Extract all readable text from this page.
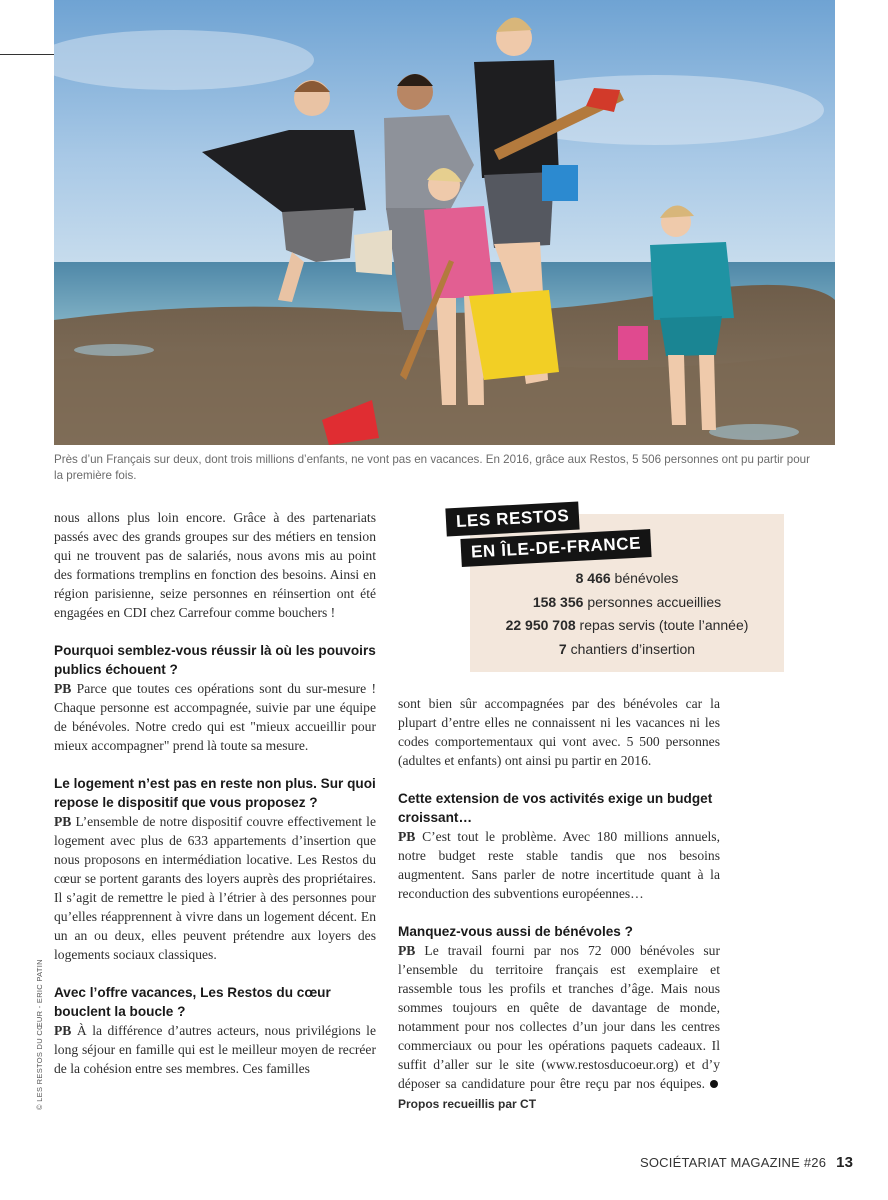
Près d’un Français sur deux, dont trois millions d’enfants, ne vont pas en vacances. En 2016, grâce aux Restos, 5 506 personnes ont pu partir pour la première fois.
© LES RESTOS DU CŒUR - ERIC PATIN

nous allons plus loin encore. Grâce à des partenariats passés avec des grands groupes sur des métiers en tension qui ne trouvent pas de salariés, nous avons mis au point des formations tremplins en fonction des besoins. Ainsi en région parisienne, seize personnes en réinsertion ont été engagées en CDI chez Carrefour comme bouchers !

Pourquoi semblez-vous réussir là où les pouvoirs publics échouent ?

PB Parce que toutes ces opérations sont du sur-mesure ! Chaque personne est accompagnée, suivie par une équipe de bénévoles. Notre credo qui est "mieux accueillir pour mieux accompagner" prend là toute sa mesure.

Le logement n’est pas en reste non plus. Sur quoi repose le dispositif que vous proposez ?

PB L’ensemble de notre dispositif couvre effectivement le logement avec plus de 633 appartements d’insertion que nous proposons en intermédiation locative. Les Restos du cœur se portent garants des loyers auprès des propriétaires. Il s’agit de remettre le pied à l’étrier à des personnes pour qu’elles réapprennent à vivre dans un logement décent. En un an ou deux, elles peuvent prétendre aux loyers des logements sociaux classiques.

Avec l’offre vacances, Les Restos du cœur bouclent la boucle ?

PB À la différence d’autres acteurs, nous privilégions le long séjour en famille qui est le meilleur moyen de recréer de la cohésion entre ses membres. Ces familles

LES RESTOS
EN ÎLE-DE-FRANCE
8 466 bénévoles
158 356 personnes accueillies
22 950 708 repas servis (toute l’année)
7 chantiers d’insertion

sont bien sûr accompagnées par des bénévoles car la plupart d’entre elles ne connaissent ni les vacances ni les codes comportementaux qui vont avec. 5 500 personnes (adultes et enfants) ont ainsi pu partir en 2016.

Cette extension de vos activités exige un budget croissant…

PB C’est tout le problème. Avec 180 millions annuels, notre budget reste stable tandis que nos besoins augmentent. Sans parler de notre incertitude quant à la reconduction des subventions européennes…

Manquez-vous aussi de bénévoles ?

PB Le travail fourni par nos 72 000 bénévoles sur l’ensemble du territoire français est exemplaire et rassemble tous les profils et tranches d’âge. Mais nous sommes toujours en quête de davantage de monde, notamment pour nos collectes d’un jour dans les centres commerciaux ou pour les opérations paquets cadeaux. Il suffit d’aller sur le site (www.restosducoeur.org) et d’y déposer sa candidature pour être reçu par nos équipes.  Propos recueillis par CT

SOCIÉTARIAT MAGAZINE #26 13
